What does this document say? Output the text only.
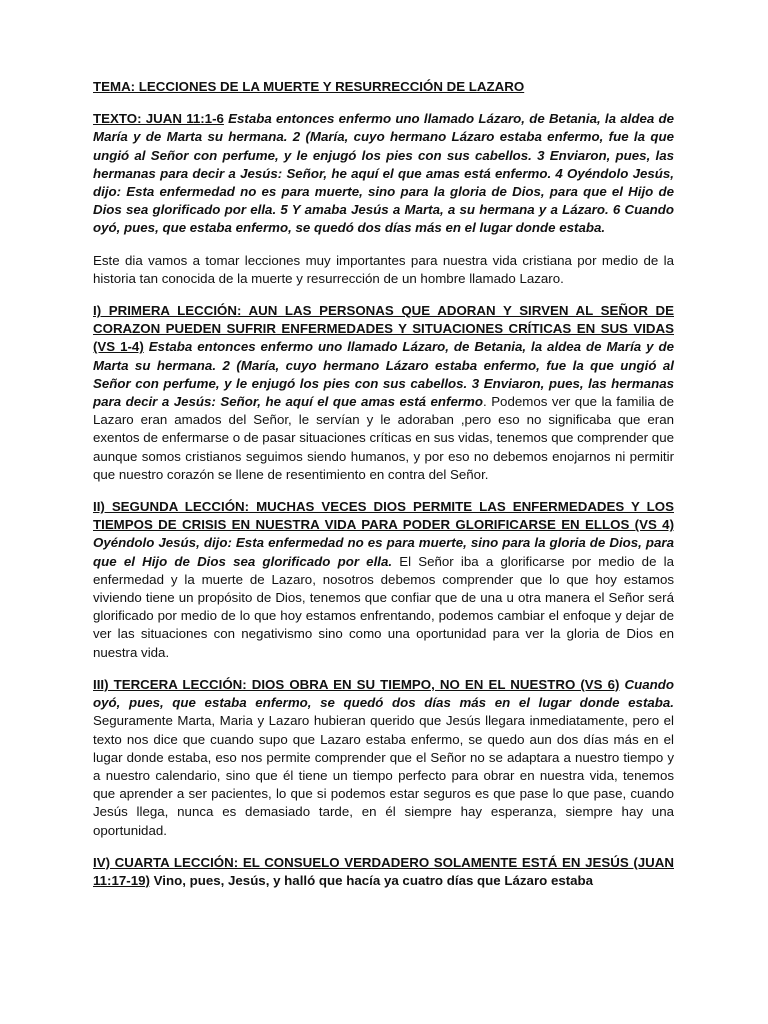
TEMA: LECCIONES DE LA MUERTE Y RESURRECCIÓN DE LAZARO

TEXTO: JUAN 11:1-6 Estaba entonces enfermo uno llamado Lázaro, de Betania, la aldea de María y de Marta su hermana. 2 (María, cuyo hermano Lázaro estaba enfermo, fue la que ungió al Señor con perfume, y le enjugó los pies con sus cabellos. 3 Enviaron, pues, las hermanas para decir a Jesús: Señor, he aquí el que amas está enfermo. 4 Oyéndolo Jesús, dijo: Esta enfermedad no es para muerte, sino para la gloria de Dios, para que el Hijo de Dios sea glorificado por ella. 5 Y amaba Jesús a Marta, a su hermana y a Lázaro. 6 Cuando oyó, pues, que estaba enfermo, se quedó dos días más en el lugar donde estaba.

Este dia vamos a tomar lecciones muy importantes para nuestra vida cristiana por medio de la historia tan conocida de la muerte y resurrección de un hombre llamado Lazaro.

I) PRIMERA LECCIÓN: AUN LAS PERSONAS QUE ADORAN Y SIRVEN AL SEÑOR DE CORAZON PUEDEN SUFRIR ENFERMEDADES Y SITUACIONES CRÍTICAS EN SUS VIDAS (VS 1-4) Estaba entonces enfermo uno llamado Lázaro, de Betania, la aldea de María y de Marta su hermana. 2 (María, cuyo hermano Lázaro estaba enfermo, fue la que ungió al Señor con perfume, y le enjugó los pies con sus cabellos. 3 Enviaron, pues, las hermanas para decir a Jesús: Señor, he aquí el que amas está enfermo. Podemos ver que la familia de Lazaro eran amados del Señor, le servían y le adoraban ,pero eso no significaba que eran exentos de enfermarse o de pasar situaciones críticas en sus vidas, tenemos que comprender que aunque somos cristianos seguimos siendo humanos, y por eso no debemos enojarnos ni permitir que nuestro corazón se llene de resentimiento en contra del Señor.

II) SEGUNDA LECCIÓN: MUCHAS VECES DIOS PERMITE LAS ENFERMEDADES Y LOS TIEMPOS DE CRISIS EN NUESTRA VIDA PARA PODER GLORIFICARSE EN ELLOS (VS 4) Oyéndolo Jesús, dijo: Esta enfermedad no es para muerte, sino para la gloria de Dios, para que el Hijo de Dios sea glorificado por ella. El Señor iba a glorificarse por medio de la enfermedad y la muerte de Lazaro, nosotros debemos comprender que lo que hoy estamos viviendo tiene un propósito de Dios, tenemos que confiar que de una u otra manera el Señor será glorificado por medio de lo que hoy estamos enfrentando, podemos cambiar el enfoque y dejar de ver las situaciones con negativismo sino como una oportunidad para ver la gloria de Dios en nuestra vida.

III) TERCERA LECCIÓN: DIOS OBRA EN SU TIEMPO, NO EN EL NUESTRO (VS 6) Cuando oyó, pues, que estaba enfermo, se quedó dos días más en el lugar donde estaba. Seguramente Marta, Maria y Lazaro hubieran querido que Jesús llegara inmediatamente, pero el texto nos dice que cuando supo que Lazaro estaba enfermo, se quedo aun dos días más en el lugar donde estaba, eso nos permite comprender que el Señor no se adaptara a nuestro tiempo y a nuestro calendario, sino que él tiene un tiempo perfecto para obrar en nuestra vida, tenemos que aprender a ser pacientes, lo que si podemos estar seguros es que pase lo que pase, cuando Jesús llega, nunca es demasiado tarde, en él siempre hay esperanza, siempre hay una oportunidad.

IV) CUARTA LECCIÓN: EL CONSUELO VERDADERO SOLAMENTE ESTÁ EN JESÚS (JUAN 11:17-19) Vino, pues, Jesús, y halló que hacía ya cuatro días que Lázaro estaba
